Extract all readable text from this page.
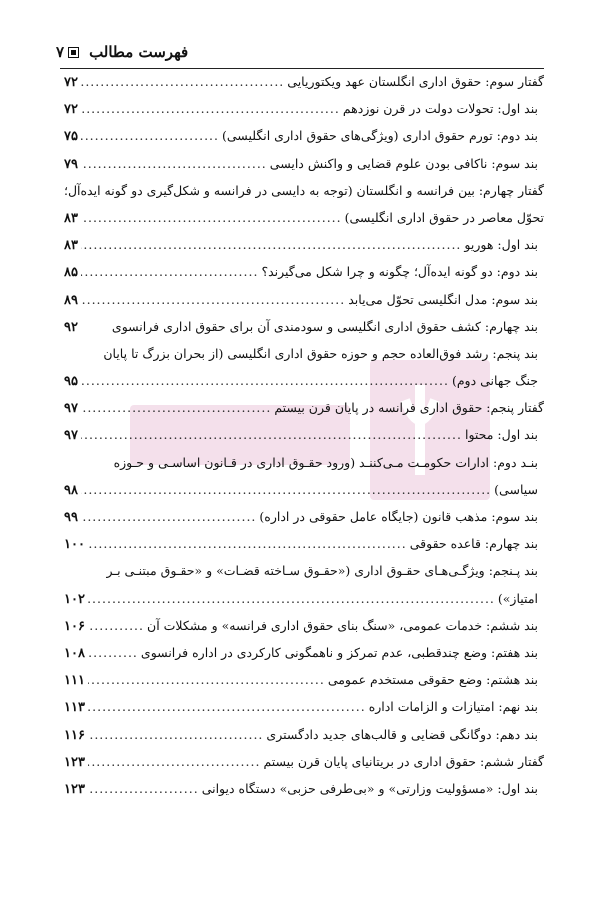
فهرست مطالب
۷
گفتار سوم: حقوق اداری انگلستان عهد ویکتوریایی
.....
۷۲
بند اول: تحولات دولت در قرن نوزدهم
.....
۷۲
بند دوم: تورم حقوق اداری (ویژگی‌های حقوق اداری انگلیسی)
.....
۷۵
بند سوم: ناکافی بودن علوم قضایی و واکنش دایسی
.....
۷۹
گفتار چهارم: بین فرانسه و انگلستان (توجه به دایسی در فرانسه و شکل‌گیری دو گونه ایده‌آل؛
تحوّل معاصر در حقوق اداری انگلیسی)
.....
۸۳
بند اول: هوریو
.....
۸۳
بند دوم: دو گونه ایده‌آل؛ چگونه و چرا شکل می‌گیرند؟
.....
۸۵
بند سوم: مدل انگلیسی تحوّل می‌یابد
.....
۸۹
بند چهارم: کشف حقوق اداری انگلیسی و سودمندی آن برای حقوق اداری فرانسوی
۹۲
بند پنجم: رشد فوق‌العاده حجم و حوزه حقوق اداری انگلیسی (از بحران بزرگ تا پایان
جنگ جهانی دوم)
.....
۹۵
گفتار پنجم: حقوق اداری فرانسه در پایان قرن بیستم
.....
۹۷
بند اول: محتوا
.....
۹۷
بنـد دوم: ادارات حکومـت مـی‌کننـد (ورود حقـوق اداری در قـانون اساسـی و حـوزه
سیاسی)
.....
۹۸
بند سوم: مذهب قانون (جایگاه عامل حقوقی در اداره)
.....
۹۹
بند چهارم: قاعده حقوقی
.....
۱۰۰
بند پـنجم: ویژگـی‌هـای حقـوق اداری («حقـوق سـاخته قضـات» و «حقـوق مبتنـی بـر
امتیاز»)
.....
۱۰۲
بند ششم: خدمات عمومی، «سنگ بنای حقوق اداری فرانسه» و مشکلات آن
.....
۱۰۶
بند هفتم: وضع چندقطبی، عدم تمرکز و ناهمگونی کارکردی در اداره فرانسوی
.....
۱۰۸
بند هشتم: وضع حقوقی مستخدم عمومی
.....
۱۱۱
بند نهم: امتیازات و الزامات اداره
.....
۱۱۳
بند دهم: دوگانگی قضایی و قالب‌های جدید دادگستری
.....
۱۱۶
گفتار ششم: حقوق اداری در بریتانیای پایان قرن بیستم
.....
۱۲۳
بند اول: «مسؤولیت وزارتی» و «بی‌طرفی حزبی» دستگاه دیوانی
.....
۱۲۳
